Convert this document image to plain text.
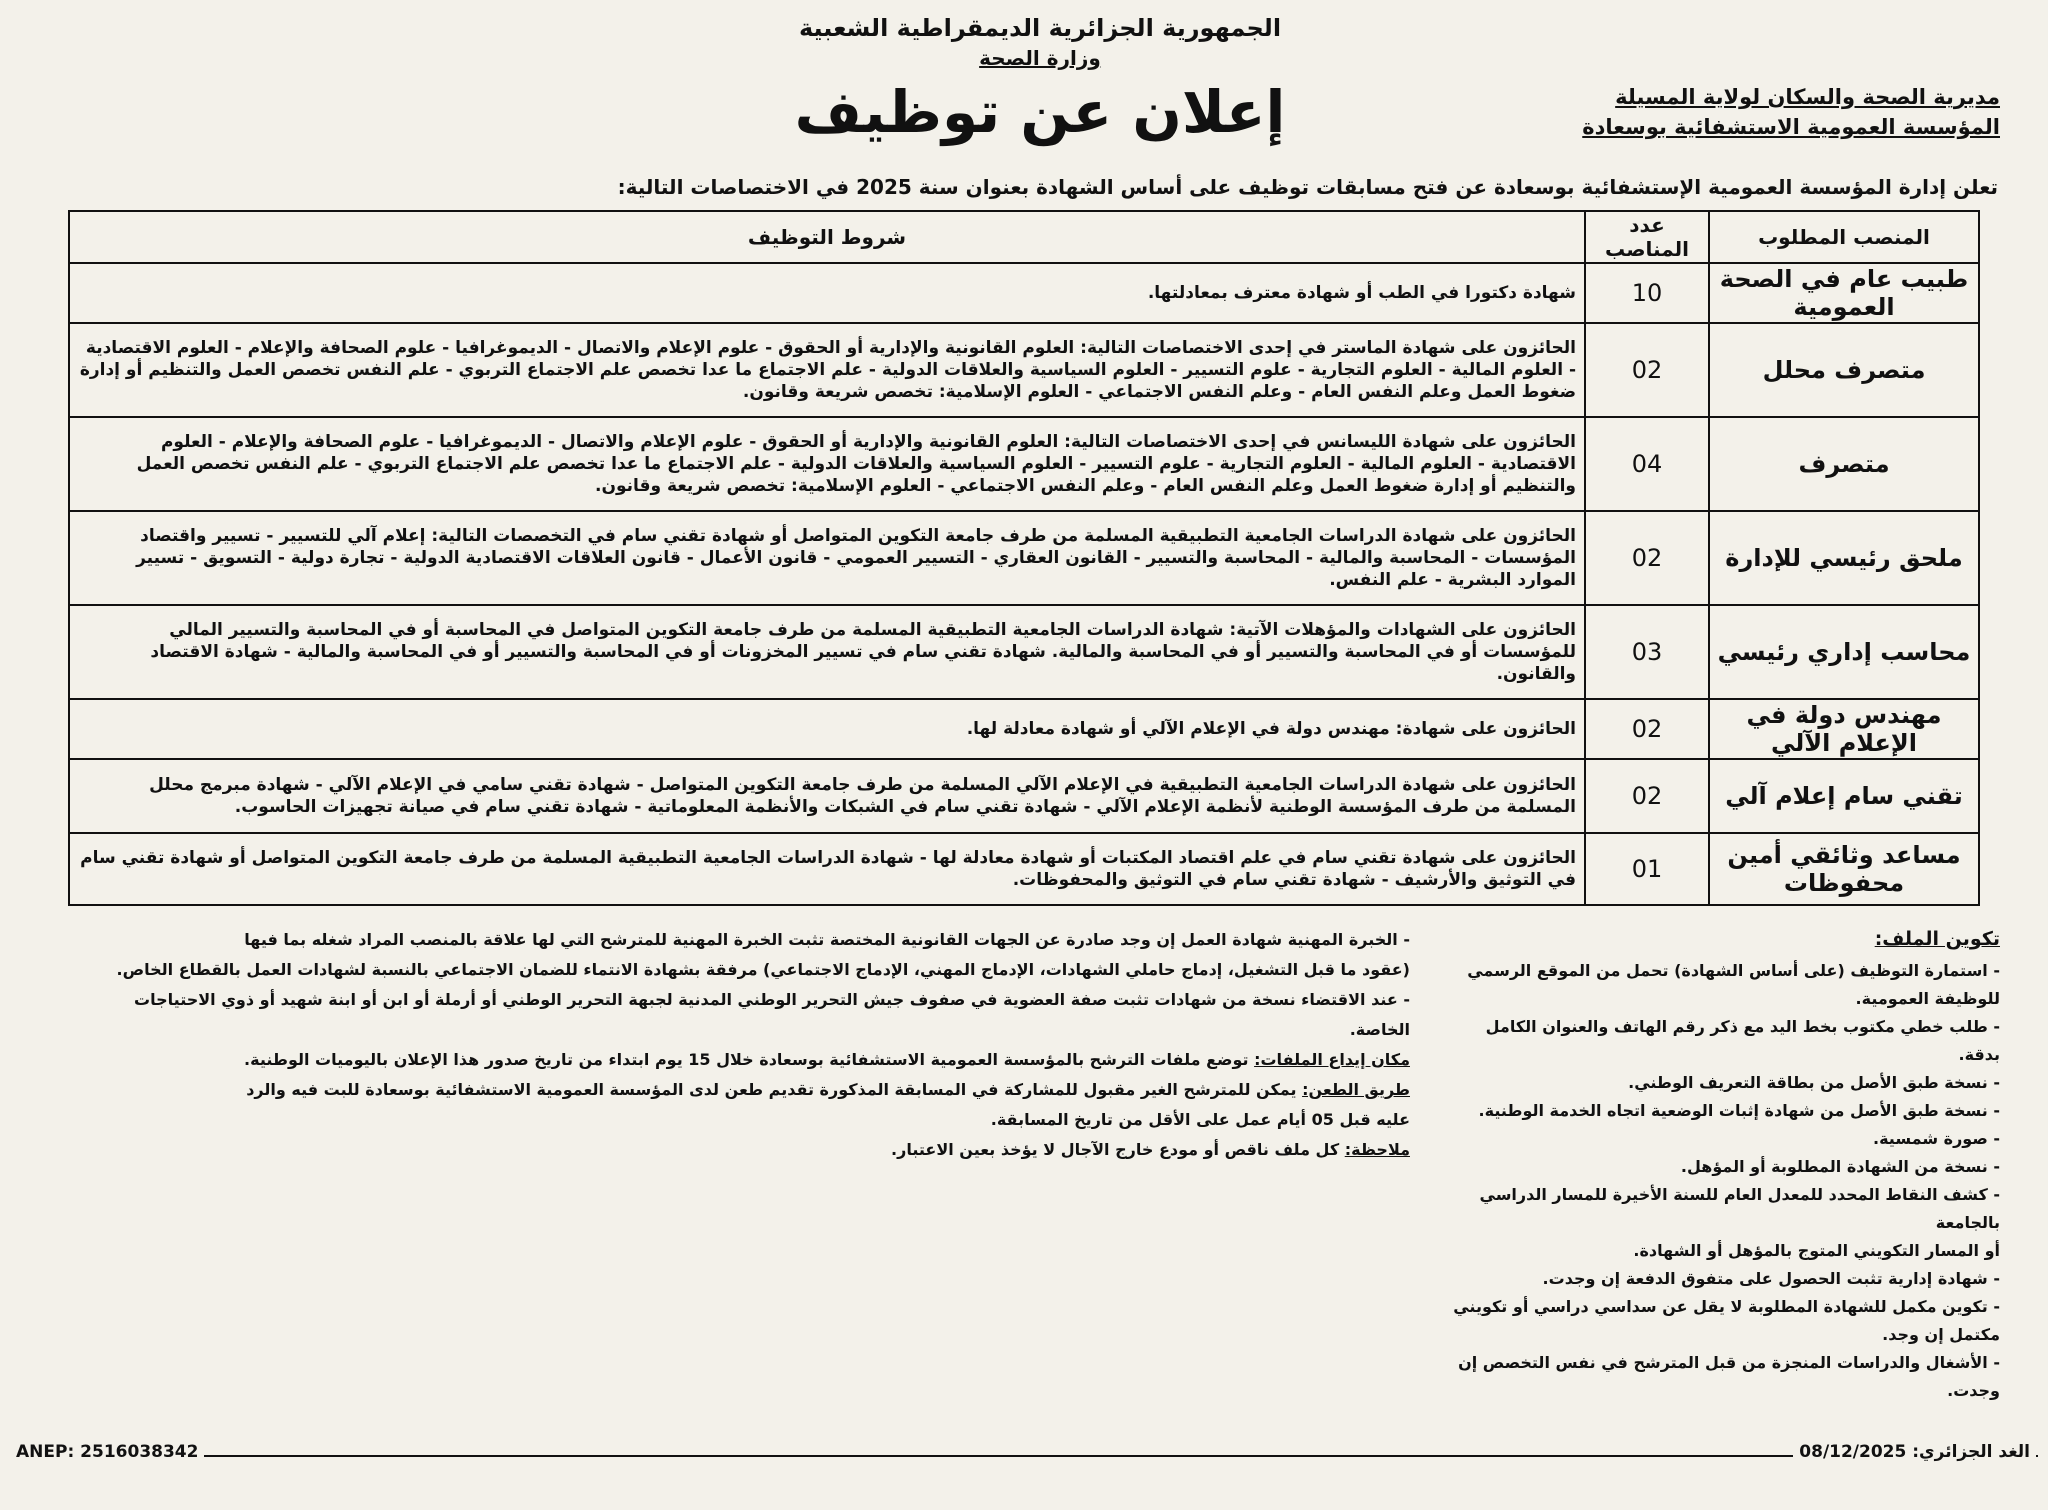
الجمهورية الجزائرية الديمقراطية الشعبية
وزارة الصحة
إعلان عن توظيف	مديرية الصحة والسكان لولاية المسيلة
المؤسسة العمومية الاستشفائية بوسعادة
تعلن إدارة المؤسسة العمومية الإستشفائية بوسعادة عن فتح مسابقات توظيف على أساس الشهادة بعنوان سنة 2025 في الاختصاصات التالية:
المنصب المطلوب	عدد المناصب	شروط التوظيف
طبيب عام في الصحة العمومية	10	شهادة دكتورا في الطب أو شهادة معترف بمعادلتها.
متصرف محلل	02	الحائزون على شهادة الماستر في إحدى الاختصاصات التالية: العلوم القانونية والإدارية أو الحقوق - علوم الإعلام والاتصال - الديموغرافيا - علوم الصحافة والإعلام - العلوم الاقتصادية - العلوم المالية - العلوم التجارية - علوم التسيير - العلوم السياسية والعلاقات الدولية - علم الاجتماع ما عدا تخصص علم الاجتماع التربوي - علم النفس تخصص العمل والتنظيم أو إدارة ضغوط العمل وعلم النفس العام - وعلم النفس الاجتماعي - العلوم الإسلامية: تخصص شريعة وقانون.
متصرف	04	الحائزون على شهادة الليسانس في إحدى الاختصاصات التالية: العلوم القانونية والإدارية أو الحقوق - علوم الإعلام والاتصال - الديموغرافيا - علوم الصحافة والإعلام - العلوم الاقتصادية - العلوم المالية - العلوم التجارية - علوم التسيير - العلوم السياسية والعلاقات الدولية - علم الاجتماع ما عدا تخصص علم الاجتماع التربوي - علم النفس تخصص العمل والتنظيم أو إدارة ضغوط العمل وعلم النفس العام - وعلم النفس الاجتماعي - العلوم الإسلامية: تخصص شريعة وقانون.
ملحق رئيسي للإدارة	02	الحائزون على شهادة الدراسات الجامعية التطبيقية المسلمة من طرف جامعة التكوين المتواصل أو شهادة تقني سام في التخصصات التالية: إعلام آلي للتسيير - تسيير واقتصاد المؤسسات - المحاسبة والمالية - المحاسبة والتسيير - القانون العقاري - التسيير العمومي - قانون الأعمال - قانون العلاقات الاقتصادية الدولية - تجارة دولية - التسويق - تسيير الموارد البشرية - علم النفس.
محاسب إداري رئيسي	03	الحائزون على الشهادات والمؤهلات الآتية: شهادة الدراسات الجامعية التطبيقية المسلمة من طرف جامعة التكوين المتواصل في المحاسبة أو في المحاسبة والتسيير المالي للمؤسسات أو في المحاسبة والتسيير أو في المحاسبة والمالية. شهادة تقني سام في تسيير المخزونات أو في المحاسبة والتسيير أو في المحاسبة والمالية - شهادة الاقتصاد والقانون.
مهندس دولة في الإعلام الآلي	02	الحائزون على شهادة: مهندس دولة في الإعلام الآلي أو شهادة معادلة لها.
تقني سام إعلام آلي	02	الحائزون على شهادة الدراسات الجامعية التطبيقية في الإعلام الآلي المسلمة من طرف جامعة التكوين المتواصل - شهادة تقني سامي في الإعلام الآلي - شهادة مبرمج محلل المسلمة من طرف المؤسسة الوطنية لأنظمة الإعلام الآلي - شهادة تقني سام في الشبكات والأنظمة المعلوماتية - شهادة تقني سام في صيانة تجهيزات الحاسوب.
مساعد وثائقي أمين محفوظات	01	الحائزون على شهادة تقني سام في علم اقتصاد المكتبات أو شهادة معادلة لها - شهادة الدراسات الجامعية التطبيقية المسلمة من طرف جامعة التكوين المتواصل أو شهادة تقني سام في التوثيق والأرشيف - شهادة تقني سام في التوثيق والمحفوظات.
تكوين الملف:
- استمارة التوظيف (على أساس الشهادة) تحمل من الموقع الرسمي للوظيفة العمومية.
- طلب خطي مكتوب بخط اليد مع ذكر رقم الهاتف والعنوان الكامل بدقة.
- نسخة طبق الأصل من بطاقة التعريف الوطني.
- نسخة طبق الأصل من شهادة إثبات الوضعية اتجاه الخدمة الوطنية.
- صورة شمسية.
- نسخة من الشهادة المطلوبة أو المؤهل.
- كشف النقاط المحدد للمعدل العام للسنة الأخيرة للمسار الدراسي بالجامعة
أو المسار التكويني المتوج بالمؤهل أو الشهادة.
- شهادة إدارية تثبت الحصول على متفوق الدفعة إن وجدت.
- تكوين مكمل للشهادة المطلوبة لا يقل عن سداسي دراسي أو تكويني مكتمل إن وجد.
- الأشغال والدراسات المنجزة من قبل المترشح في نفس التخصص إن وجدت.
- الخبرة المهنية شهادة العمل إن وجد صادرة عن الجهات القانونية المختصة تثبت الخبرة المهنية للمترشح التي لها علاقة بالمنصب المراد شغله بما فيها
(عقود ما قبل التشغيل، إدماج حاملي الشهادات، الإدماج المهني، الإدماج الاجتماعي) مرفقة بشهادة الانتماء للضمان الاجتماعي بالنسبة لشهادات العمل بالقطاع الخاص.
- عند الاقتضاء نسخة من شهادات تثبت صفة العضوية في صفوف جيش التحرير الوطني المدنية لجبهة التحرير الوطني أو أرملة أو ابن أو ابنة شهيد أو ذوي الاحتياجات الخاصة.
مكان إيداع الملفات: توضع ملفات الترشح بالمؤسسة العمومية الاستشفائية بوسعادة خلال 15 يوم ابتداء من تاريخ صدور هذا الإعلان باليوميات الوطنية.
طريق الطعن: يمكن للمترشح الغير مقبول للمشاركة في المسابقة المذكورة تقديم طعن لدى المؤسسة العمومية الاستشفائية بوسعادة للبت فيه والرد
عليه قبل 05 أيام عمل على الأقل من تاريخ المسابقة.
ملاحظة: كل ملف ناقص أو مودع خارج الآجال لا يؤخذ بعين الاعتبار.
ANEP: 2516038342	الغد الجزائري: 08/12/2025
